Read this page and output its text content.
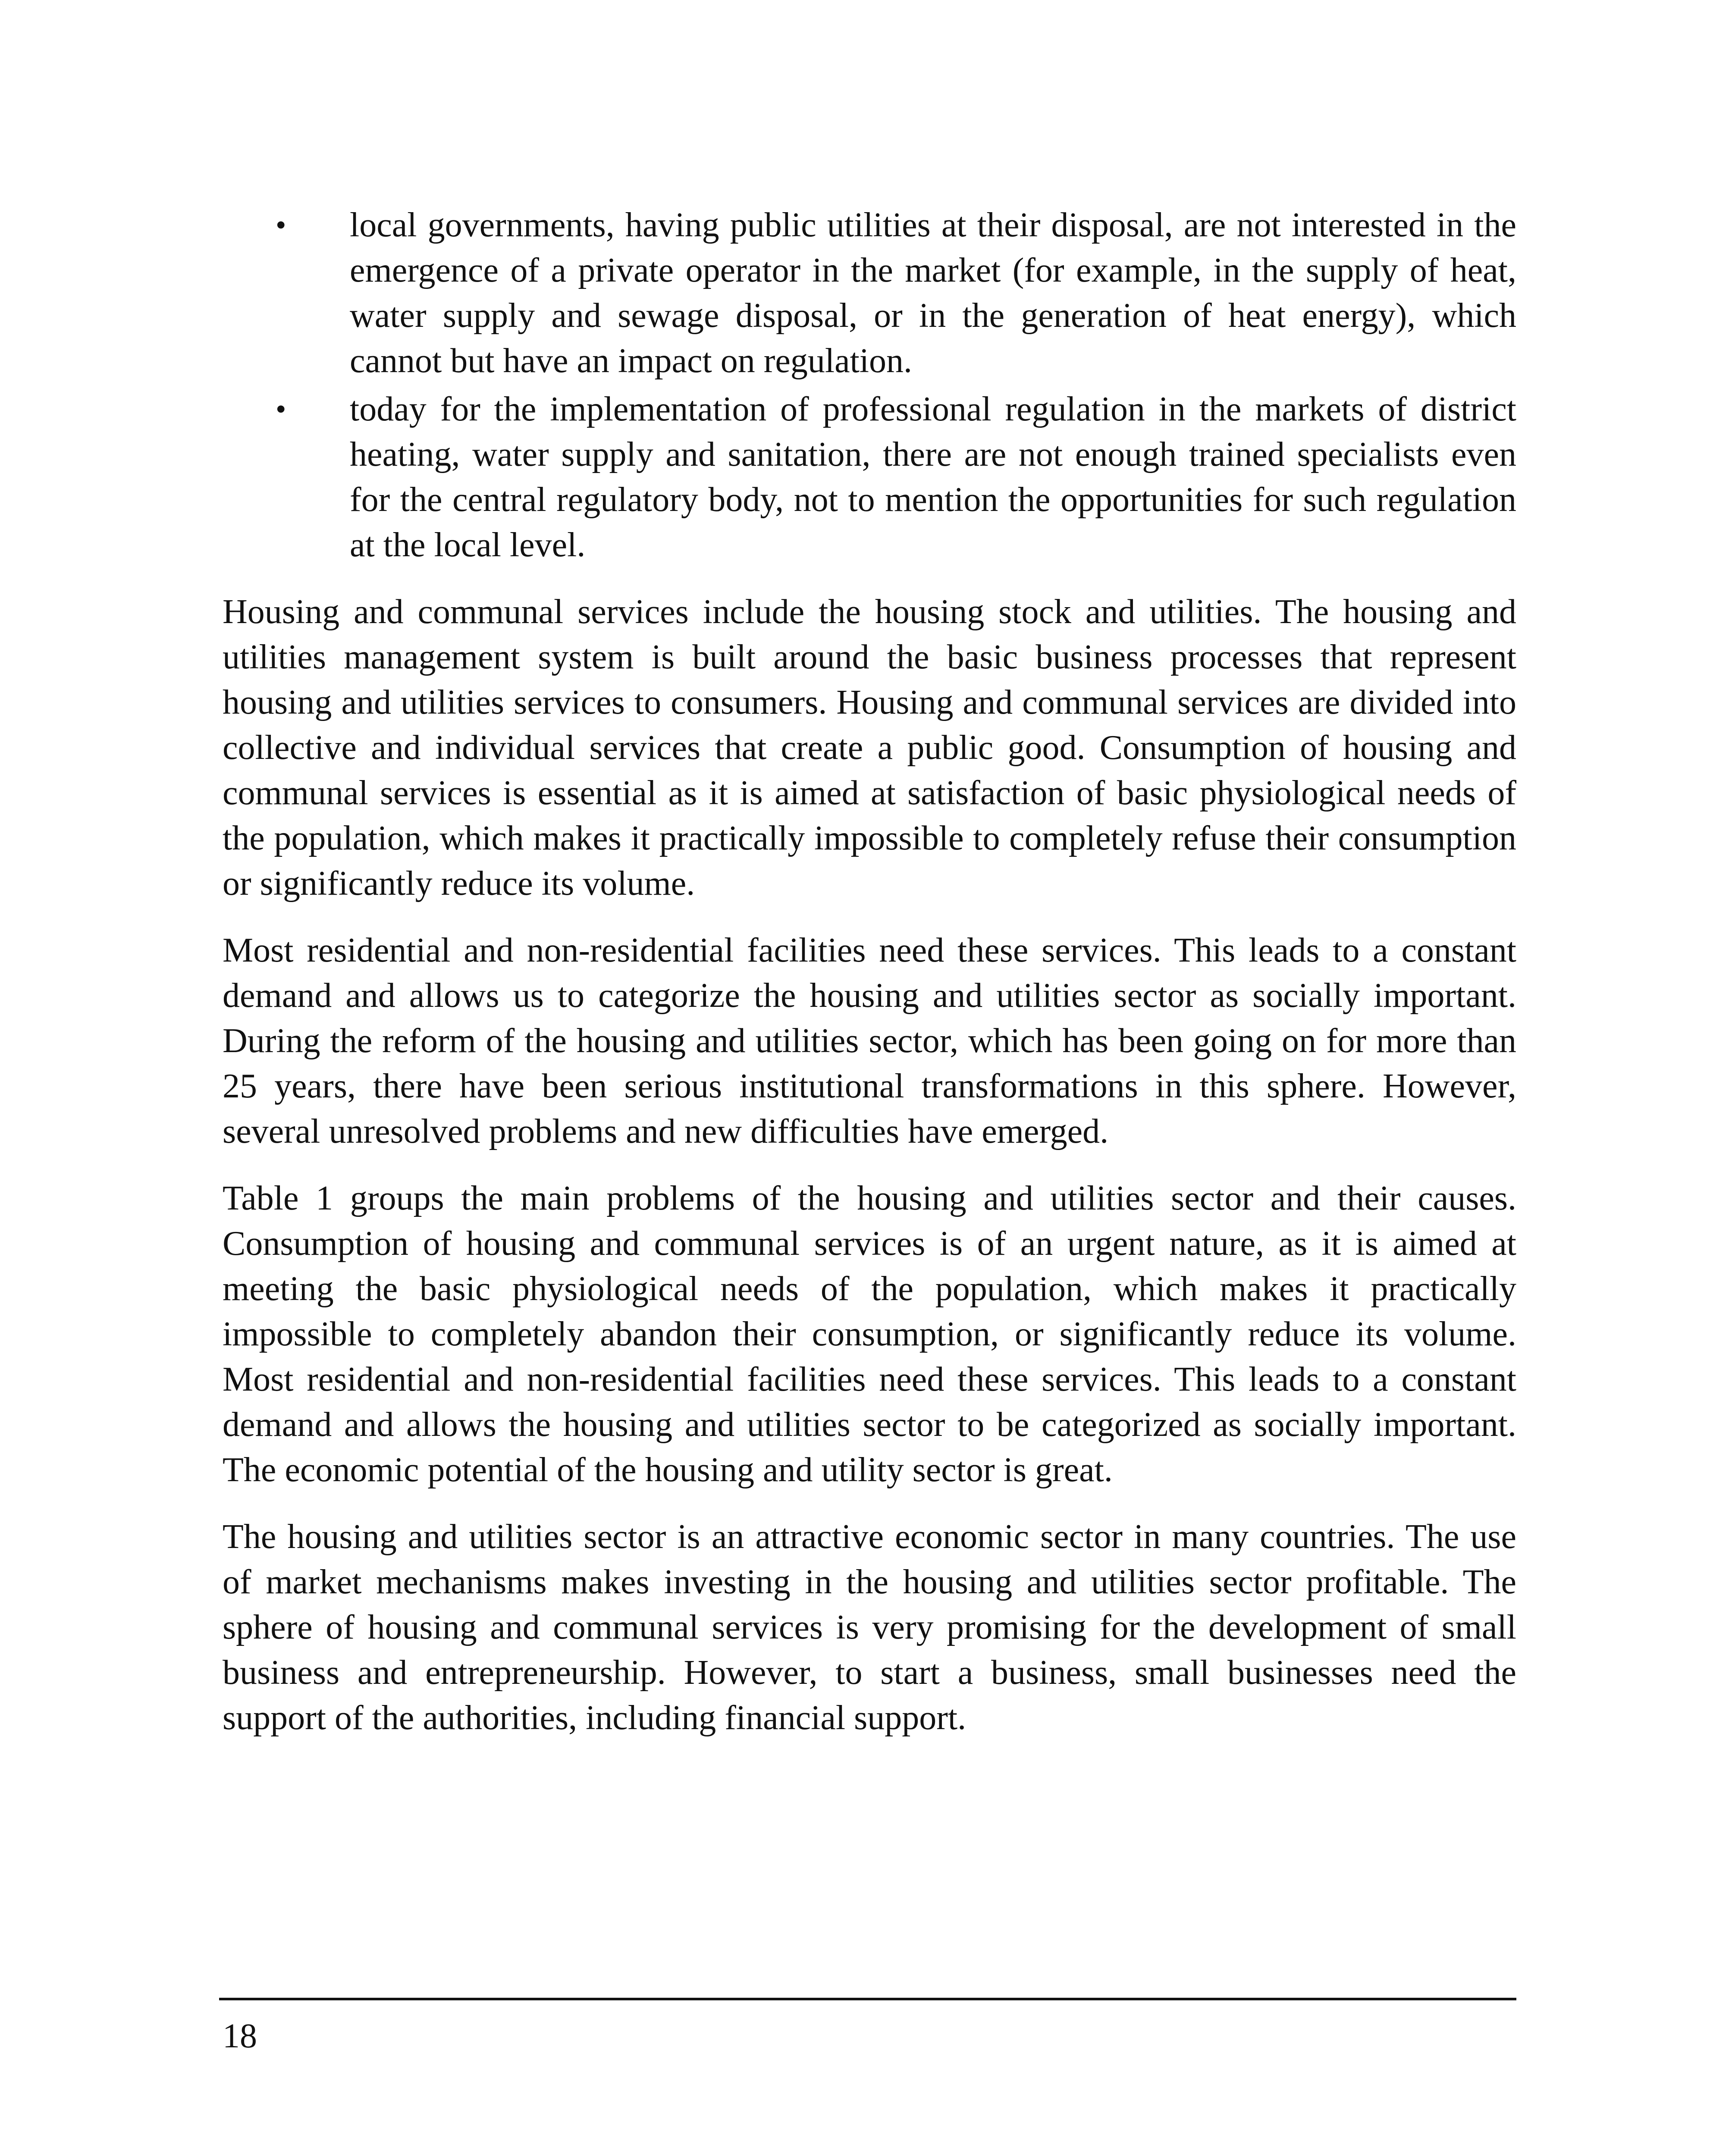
• local governments, having public utilities at their disposal, are not interested in the emergence of a private operator in the market (for example, in the supply of heat, water supply and sewage disposal, or in the generation of heat energy), which cannot but have an impact on regulation.
• today for the implementation of professional regulation in the markets of district heating, water supply and sanitation, there are not enough trained specialists even for the central regulatory body, not to mention the opportunities for such regulation at the local level.

Housing and communal services include the housing stock and utilities. The housing and utilities management system is built around the basic business processes that represent housing and utilities services to consumers. Housing and communal services are divided into collective and individual services that create a public good. Consumption of housing and communal services is essential as it is aimed at satisfaction of basic physiological needs of the population, which makes it practically impossible to completely refuse their consumption or significantly reduce its volume.

Most residential and non-residential facilities need these services. This leads to a constant demand and allows us to categorize the housing and utilities sector as socially important. During the reform of the housing and utilities sector, which has been going on for more than 25 years, there have been serious institutional transformations in this sphere. However, several unresolved problems and new difficulties have emerged.

Table 1 groups the main problems of the housing and utilities sector and their causes. Consumption of housing and communal services is of an urgent nature, as it is aimed at meeting the basic physiological needs of the population, which makes it practically impossible to completely abandon their consumption, or significantly reduce its volume. Most residential and non-residential facilities need these services. This leads to a constant demand and allows the housing and utilities sector to be categorized as socially important. The economic potential of the housing and utility sector is great.

The housing and utilities sector is an attractive economic sector in many countries. The use of market mechanisms makes investing in the housing and utilities sector profitable. The sphere of housing and communal services is very promising for the development of small business and entrepreneurship. However, to start a business, small businesses need the support of the authorities, including financial support.

18
